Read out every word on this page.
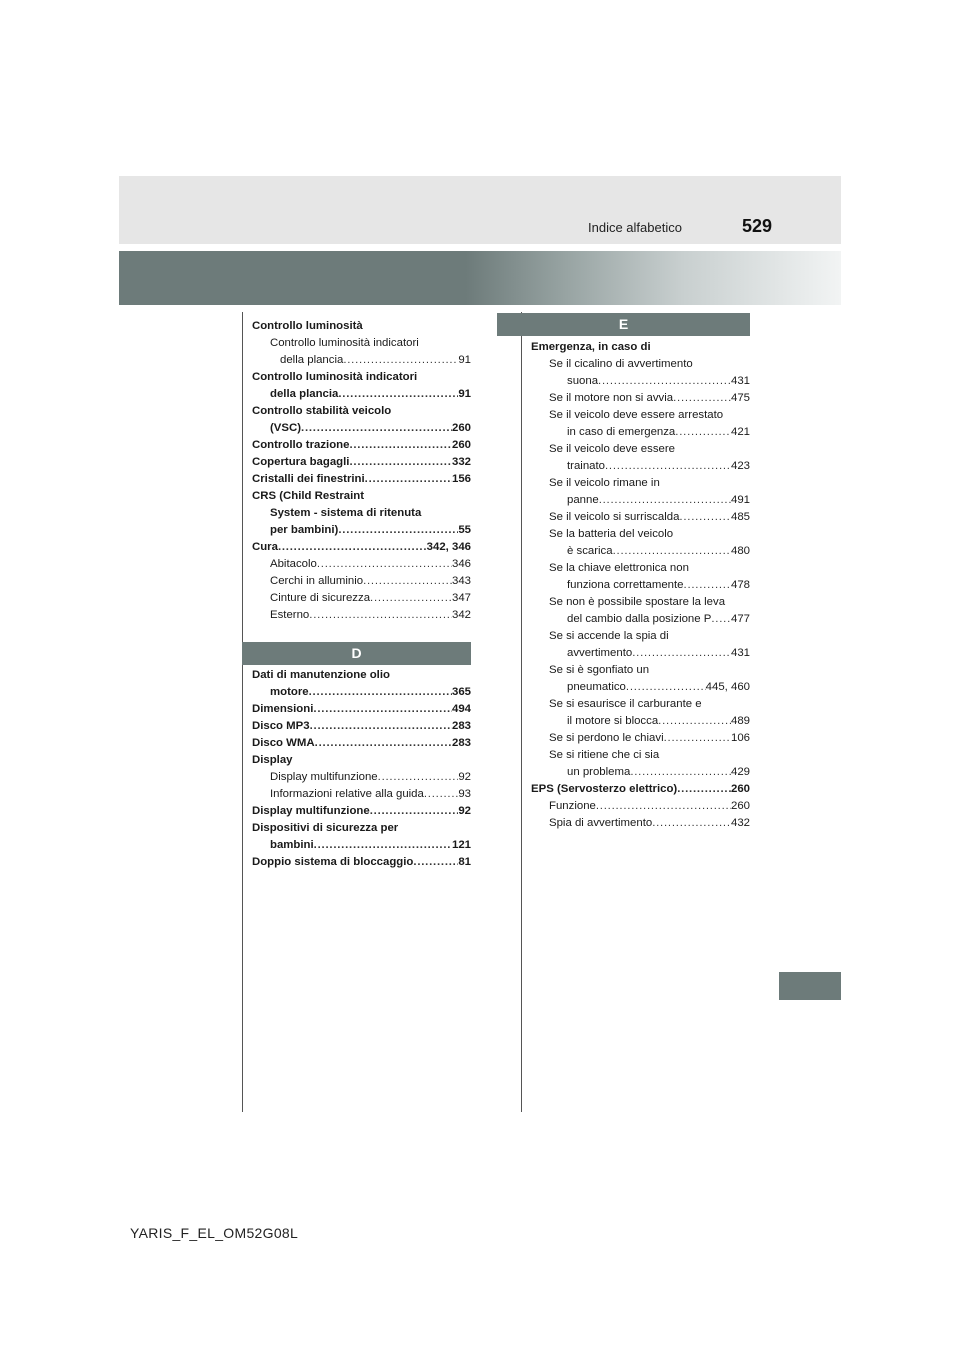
Indice alfabetico	529
Controllo luminosità
Controllo luminosità indicatori
della plancia . . .	91
Controllo luminosità indicatori
della plancia . . .	91
Controllo stabilità veicolo
(VSC) . . .	260
Controllo trazione . . .	260
Copertura bagagli . . .	332
Cristalli dei finestrini . . .	156
CRS (Child Restraint
System - sistema di ritenuta
per bambini) . . .	55
Cura . . .	342, 346
Abitacolo . . .	346
Cerchi in alluminio . . .	343
Cinture di sicurezza . . .	347
Esterno . . .	342
D
Dati di manutenzione olio
motore . . .	365
Dimensioni . . .	494
Disco MP3 . . .	283
Disco WMA . . .	283
Display
Display multifunzione . . .	92
Informazioni relative alla guida . . .	93
Display multifunzione . . .	92
Dispositivi di sicurezza per
bambini . . .	121
Doppio sistema di bloccaggio . . .	81
E
Emergenza, in caso di
Se il cicalino di avvertimento
suona . . .	431
Se il motore non si avvia . . .	475
Se il veicolo deve essere arrestato
in caso di emergenza . . .	421
Se il veicolo deve essere
trainato . . .	423
Se il veicolo rimane in
panne . . .	491
Se il veicolo si surriscalda . . .	485
Se la batteria del veicolo
è scarica . . .	480
Se la chiave elettronica non
funziona correttamente . . .	478
Se non è possibile spostare la leva
del cambio dalla posizione P . . . 477
Se si accende la spia di
avvertimento . . .	431
Se si è sgonfiato un
pneumatico . . .	445, 460
Se si esaurisce il carburante e
il motore si blocca . . .	489
Se si perdono le chiavi . . .	106
Se si ritiene che ci sia
un problema . . .	429
EPS (Servosterzo elettrico) . . .	260
Funzione . . .	260
Spia di avvertimento . . .	432
YARIS_F_EL_OM52G08L
